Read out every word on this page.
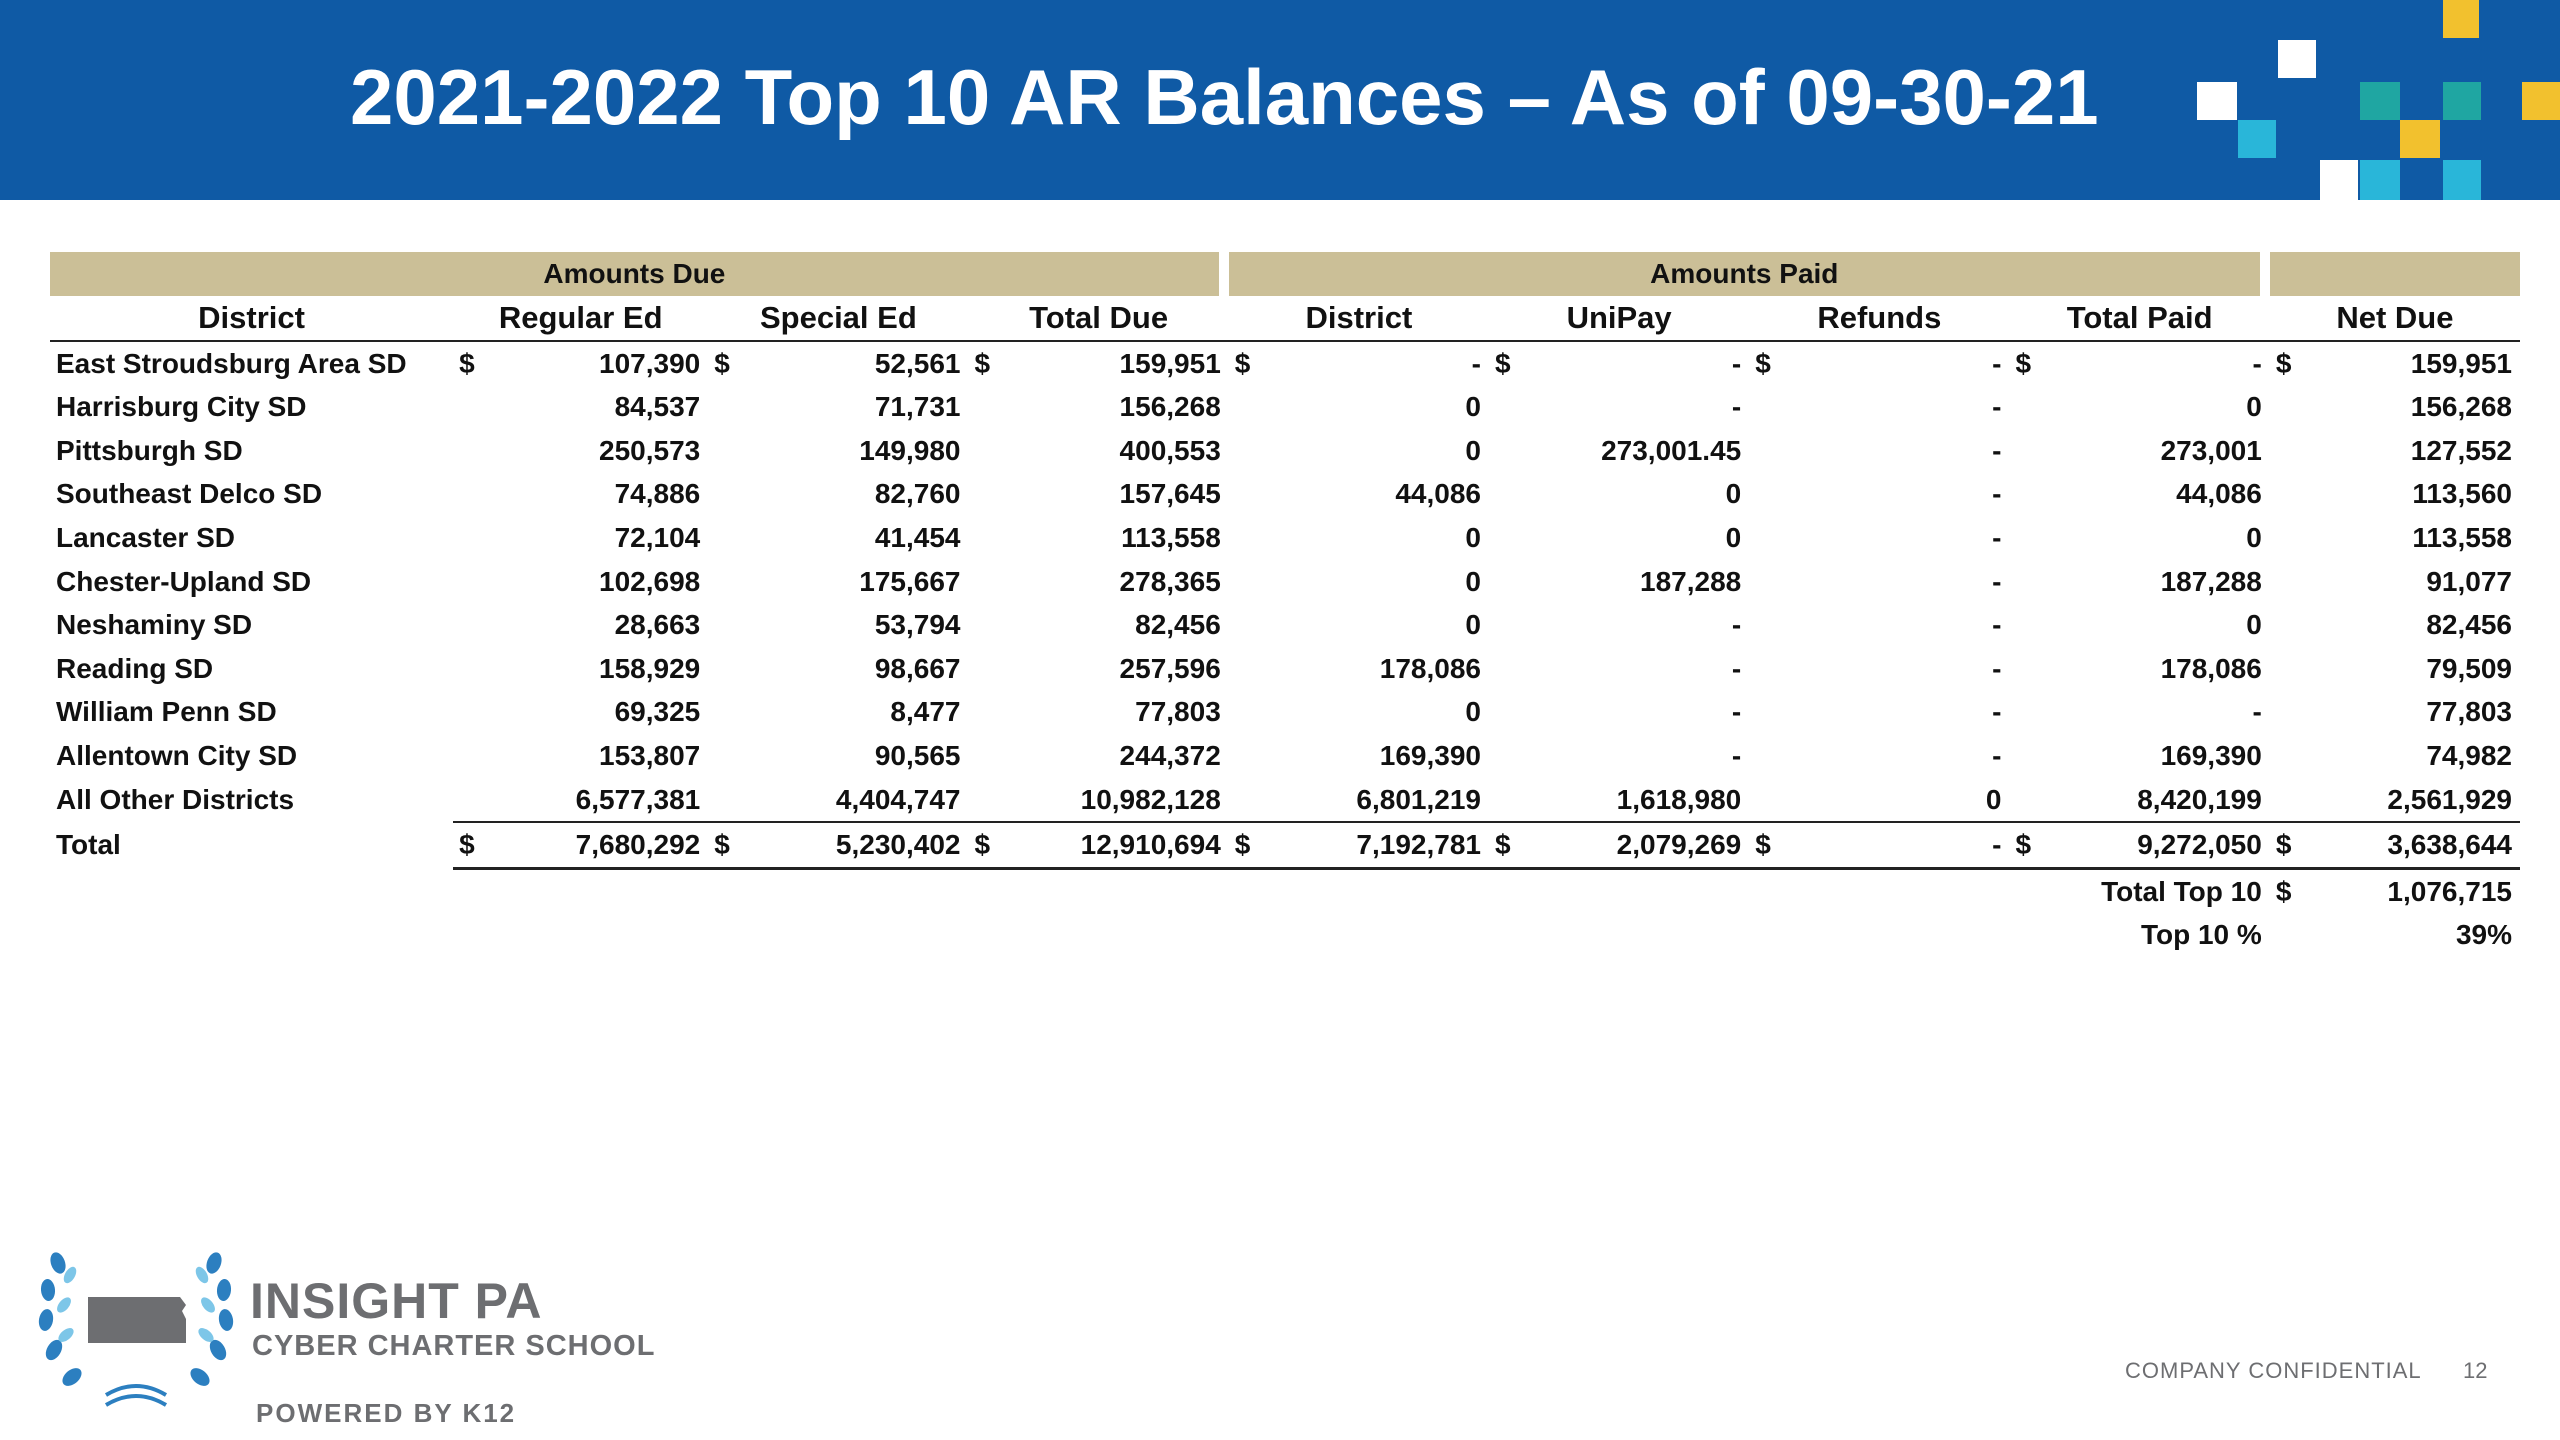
2021-2022 Top 10 AR Balances – As of 09-30-21
Amounts Due							Amounts Paid									

District	Regular Ed		Special Ed		Total Due		District		UniPay		Refunds		Total Paid		Net Due	
East Stroudsburg Area SD	$	107,390	$	52,561	$	159,951	$	-	$	-	$	-	$	-	$	159,951
Harrisburg City SD		84,537		71,731		156,268		0		-		-		0		156,268
Pittsburgh SD		250,573		149,980		400,553		0		273,001.45		-		273,001		127,552
Southeast Delco SD		74,886		82,760		157,645		44,086		0		-		44,086		113,560
Lancaster SD		72,104		41,454		113,558		0		0		-		0		113,558
Chester-Upland SD		102,698		175,667		278,365		0		187,288		-		187,288		91,077
Neshaminy SD		28,663		53,794		82,456		0		-		-		0		82,456
Reading SD		158,929		98,667		257,596		178,086		-		-		178,086		79,509
William Penn SD		69,325		8,477		77,803		0		-		-		-		77,803
Allentown City SD		153,807		90,565		244,372		169,390		-		-		169,390		74,982
All Other Districts		6,577,381		4,404,747		10,982,128		6,801,219		1,618,980		0		8,420,199		2,561,929
Total	$	7,680,292	$	5,230,402	$	12,910,694	$	7,192,781	$	2,079,269	$	-	$	9,272,050	$	3,638,644
													Total Top 10		$	1,076,715
													Top 10 %			39%
INSIGHT PA
CYBER CHARTER SCHOOL
POWERED BY K12
COMPANY CONFIDENTIAL 12
